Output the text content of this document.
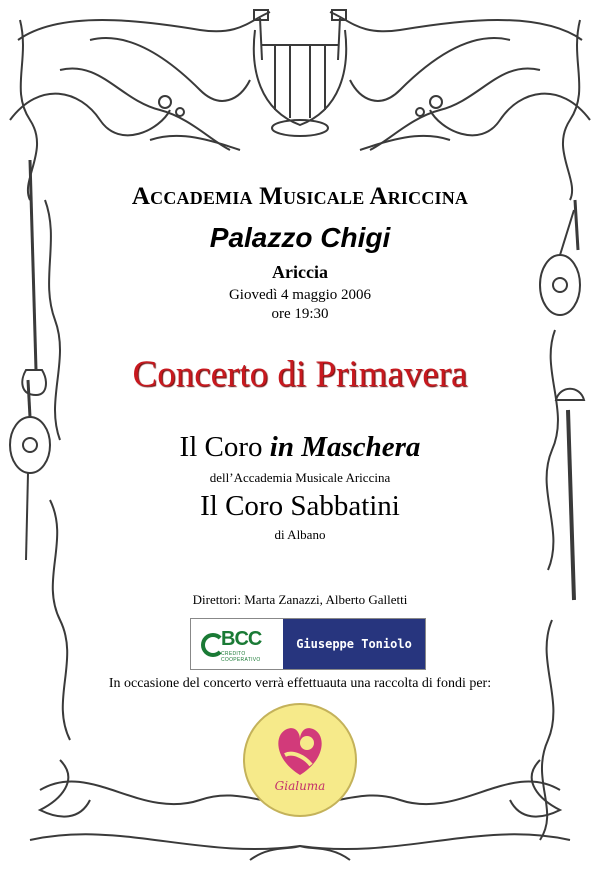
Accademia Musicale Ariccina
Palazzo Chigi
Ariccia
Giovedì 4 maggio 2006
ore 19:30
Concerto di Primavera
Il Coro in Maschera
dell’Accademia Musicale Ariccina
Il Coro Sabbatini
di Albano
Direttori: Marta Zanazzi, Alberto Galletti
BCC
CREDITO COOPERATIVO
Giuseppe Toniolo
In occasione del concerto verrà effettuauta una raccolta di fondi per:
Gialuma
